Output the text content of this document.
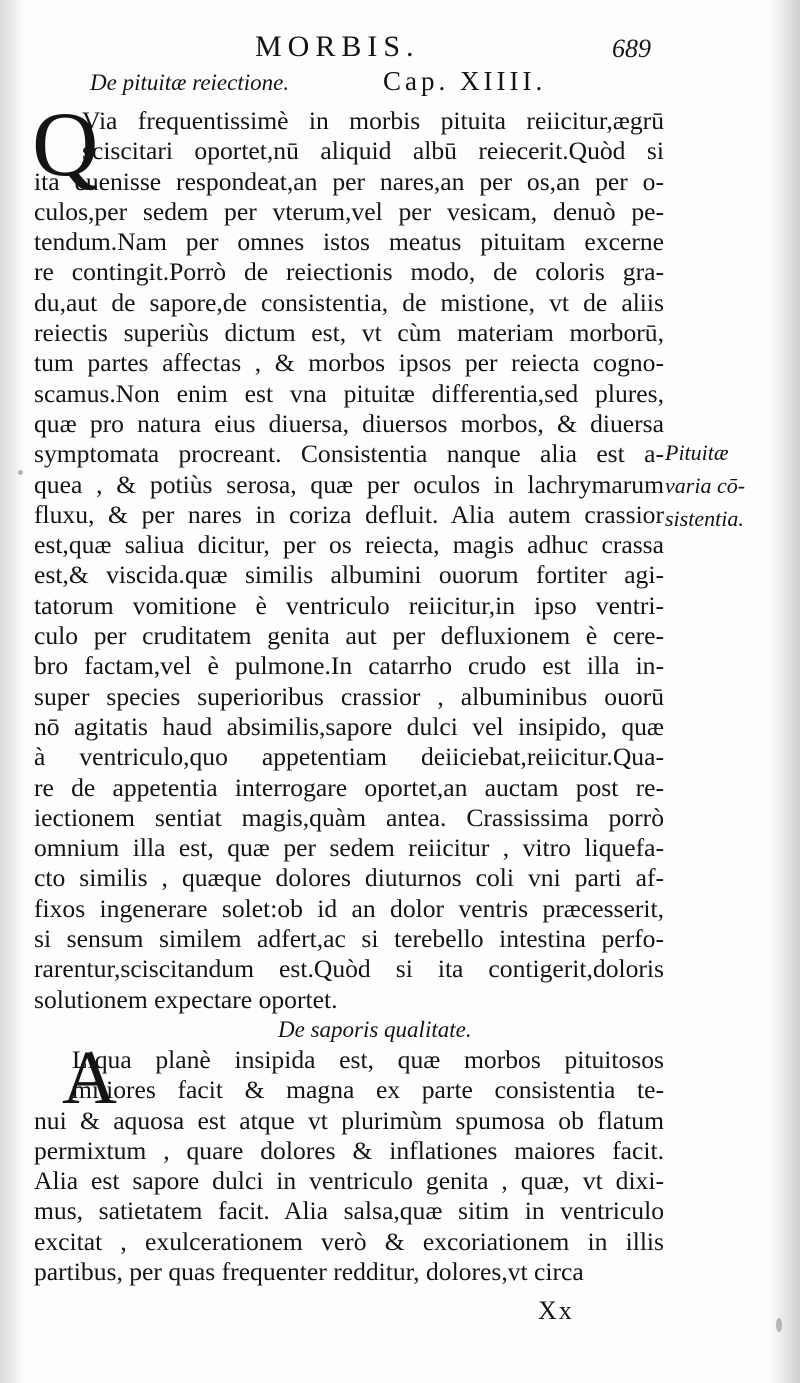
MORBIS.	689
De pituitæ reiectione.	Cap. XIIII.
Q
Via frequentissimè in morbis pituita reiicitur,ægrū
sciscitari oportet,nū aliquid albū reiecerit.Quòd si
ita euenisse respondeat,an per nares,an per os,an per o-
culos,per sedem per vterum,vel per vesicam, denuò pe-
tendum.Nam per omnes istos meatus pituitam excerne
re contingit.Porrò de reiectionis modo, de coloris gra-
du,aut de sapore,de consistentia, de mistione, vt de aliis
reiectis superiùs dictum est, vt cùm materiam morborū,
tum partes affectas , & morbos ipsos per reiecta cogno-
scamus.Non enim est vna pituitæ differentia,sed plures,
quæ pro natura eius diuersa, diuersos morbos, & diuersa
symptomata procreant. Consistentia nanque alia est a-
quea , & potiùs serosa, quæ per oculos in lachrymarum
fluxu, & per nares in coriza defluit. Alia autem crassior
est,quæ saliua dicitur, per os reiecta, magis adhuc crassa
est,& viscida.quæ similis albumini ouorum fortiter agi-
tatorum vomitione è ventriculo reiicitur,in ipso ventri-
culo per cruditatem genita aut per defluxionem è cere-
bro factam,vel è pulmone.In catarrho crudo est illa in-
super species superioribus crassior , albuminibus ouorū
nō agitatis haud absimilis,sapore dulci vel insipido, quæ
à ventriculo,quo appetentiam deiiciebat,reiicitur.Qua-
re de appetentia interrogare oportet,an auctam post re-
iectionem sentiat magis,quàm antea. Crassissima porrò
omnium illa est, quæ per sedem reiicitur , vitro liquefa-
cto similis , quæque dolores diuturnos coli vni parti af-
fixos ingenerare solet:ob id an dolor ventris præcesserit,
si sensum similem adfert,ac si terebello intestina perfo-
rarentur,sciscitandum est.Quòd si ita contigerit,doloris
solutionem expectare oportet.
Pituitæ
varia cō-
sistentia.
De saporis qualitate.
A
Liqua planè insipida est, quæ morbos pituitosos
mitiores facit & magna ex parte consistentia te-
nui & aquosa est atque vt plurimùm spumosa ob flatum
permixtum , quare dolores & inflationes maiores facit.
Alia est sapore dulci in ventriculo genita , quæ, vt dixi-
mus, satietatem facit. Alia salsa,quæ sitim in ventriculo
excitat , exulcerationem verò & excoriationem in illis
partibus, per quas frequenter redditur, dolores,vt circa
Xx
